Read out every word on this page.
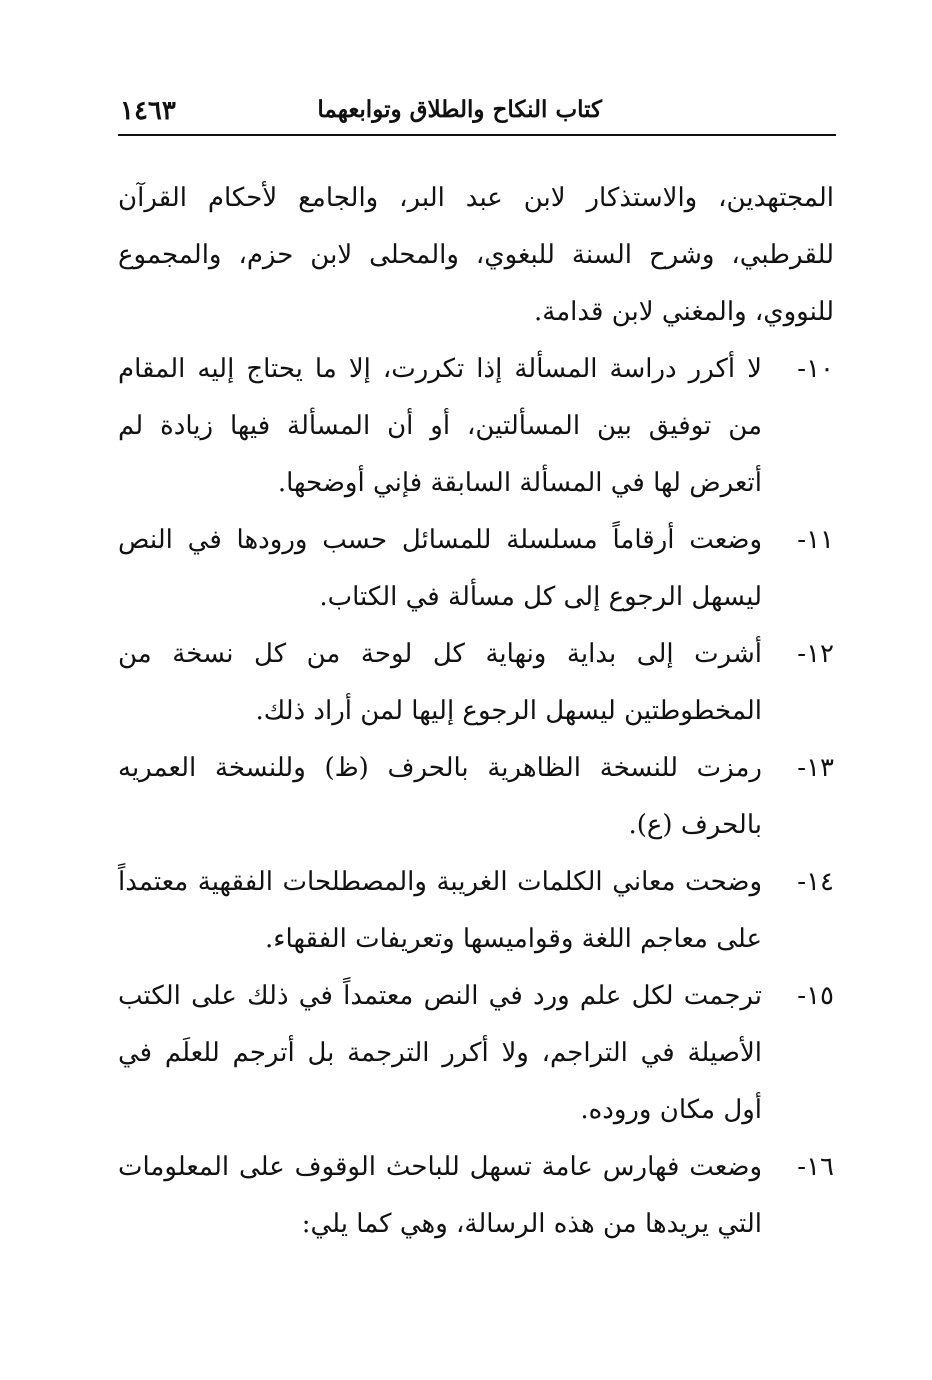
كتاب النكاح والطلاق وتوابعهما
١٤٦٣

المجتهدين، والاستذكار لابن عبد البر، والجامع لأحكام القرآن للقرطبي، وشرح السنة للبغوي، والمحلى لابن حزم، والمجموع للنووي، والمغني لابن قدامة.

١٠-
لا أكرر دراسة المسألة إذا تكررت، إلا ما يحتاج إليه المقام من توفيق بين المسألتين، أو أن المسألة فيها زيادة لم أتعرض لها في المسألة السابقة فإني أوضحها.
١١-
وضعت أرقاماً مسلسلة للمسائل حسب ورودها في النص ليسهل الرجوع إلى كل مسألة في الكتاب.
١٢-
أشرت إلى بداية ونهاية كل لوحة من كل نسخة من المخطوطتين ليسهل الرجوع إليها لمن أراد ذلك.
١٣-
رمزت للنسخة الظاهرية بالحرف (ظ) وللنسخة العمريه بالحرف (ع).
١٤-
وضحت معاني الكلمات الغريبة والمصطلحات الفقهية معتمداً على معاجم اللغة وقواميسها وتعريفات الفقهاء.
١٥-
ترجمت لكل علم ورد في النص معتمداً في ذلك على الكتب الأصيلة في التراجم، ولا أكرر الترجمة بل أترجم للعلَم في أول مكان وروده.
١٦-
وضعت فهارس عامة تسهل للباحث الوقوف على المعلومات التي يريدها من هذه الرسالة، وهي كما يلي:
